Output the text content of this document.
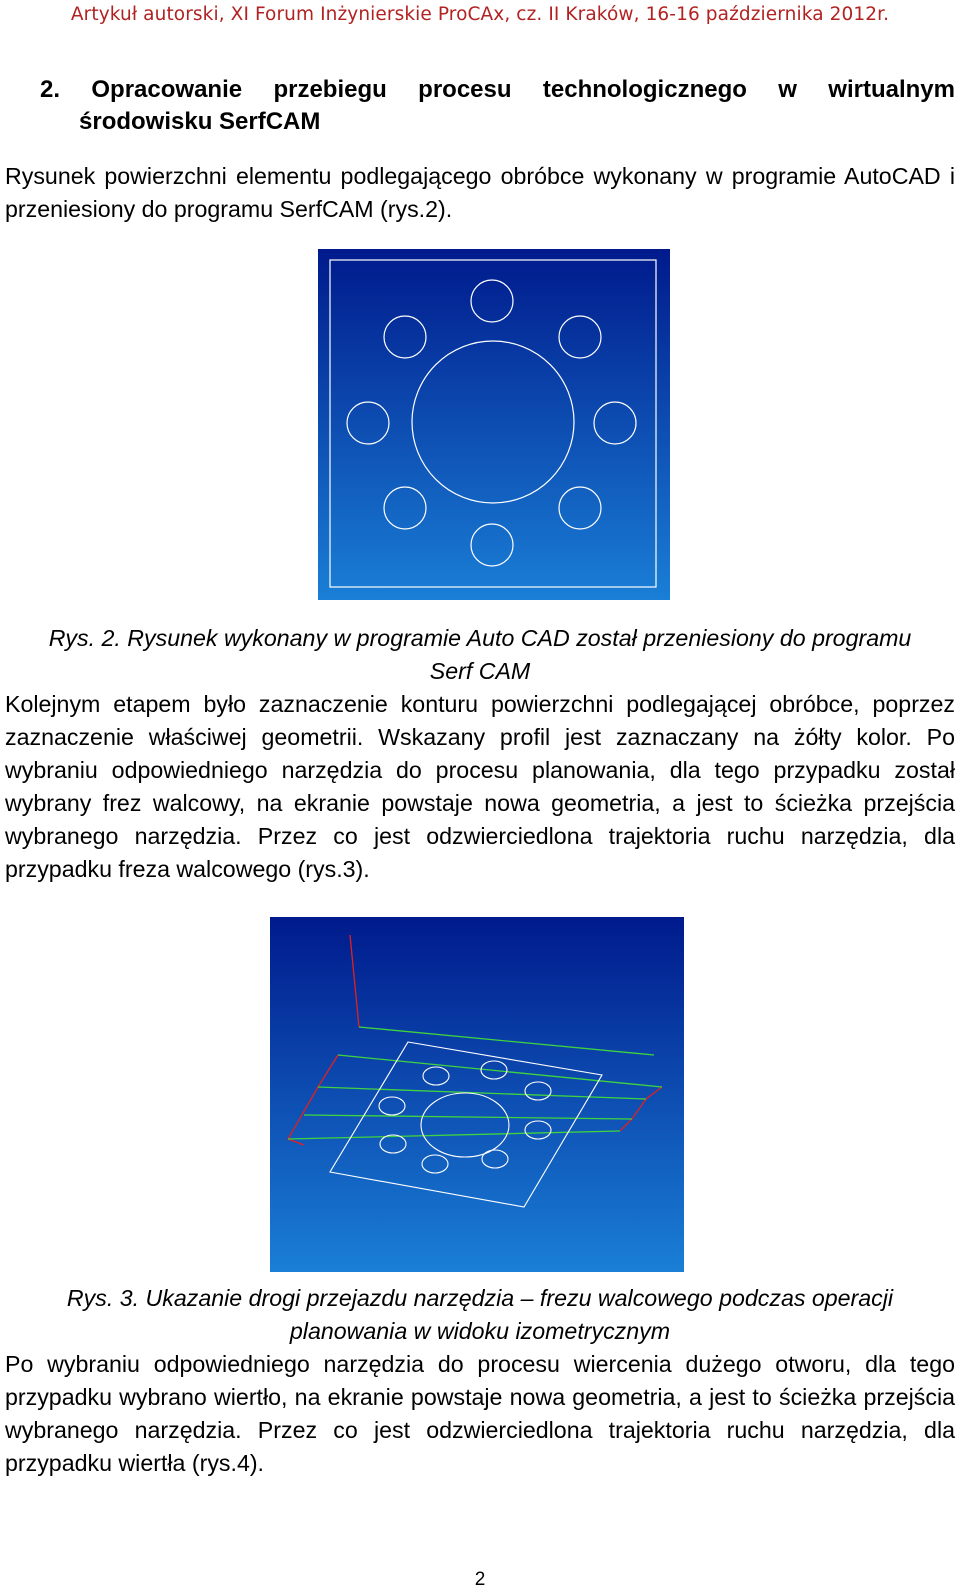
Artykuł autorski, XI Forum Inżynierskie ProCAx, cz. II Kraków, 16-16 października 2012r.
2. Opracowanie przebiegu procesu technologicznego w wirtualnym
środowisku SerfCAM
Rysunek powierzchni elementu podlegającego obróbce wykonany w programie AutoCAD i przeniesiony do programu SerfCAM (rys.2).
Rys. 2. Rysunek wykonany w programie Auto CAD został przeniesiony do programu
Serf CAM
Kolejnym etapem było zaznaczenie konturu powierzchni podlegającej obróbce, poprzez zaznaczenie właściwej geometrii. Wskazany profil jest zaznaczany na żółty kolor. Po wybraniu odpowiedniego narzędzia do procesu planowania, dla tego przypadku został wybrany frez walcowy, na ekranie powstaje nowa geometria, a jest to ścieżka przejścia wybranego narzędzia. Przez co jest odzwierciedlona trajektoria ruchu narzędzia, dla przypadku freza walcowego (rys.3).
Rys. 3. Ukazanie drogi przejazdu narzędzia – frezu walcowego podczas operacji
planowania w widoku izometrycznym
Po wybraniu odpowiedniego narzędzia do procesu wiercenia dużego otworu, dla tego przypadku wybrano wiertło, na ekranie powstaje nowa geometria, a jest to ścieżka przejścia wybranego narzędzia. Przez co jest odzwierciedlona trajektoria ruchu narzędzia, dla przypadku wiertła (rys.4).
2
